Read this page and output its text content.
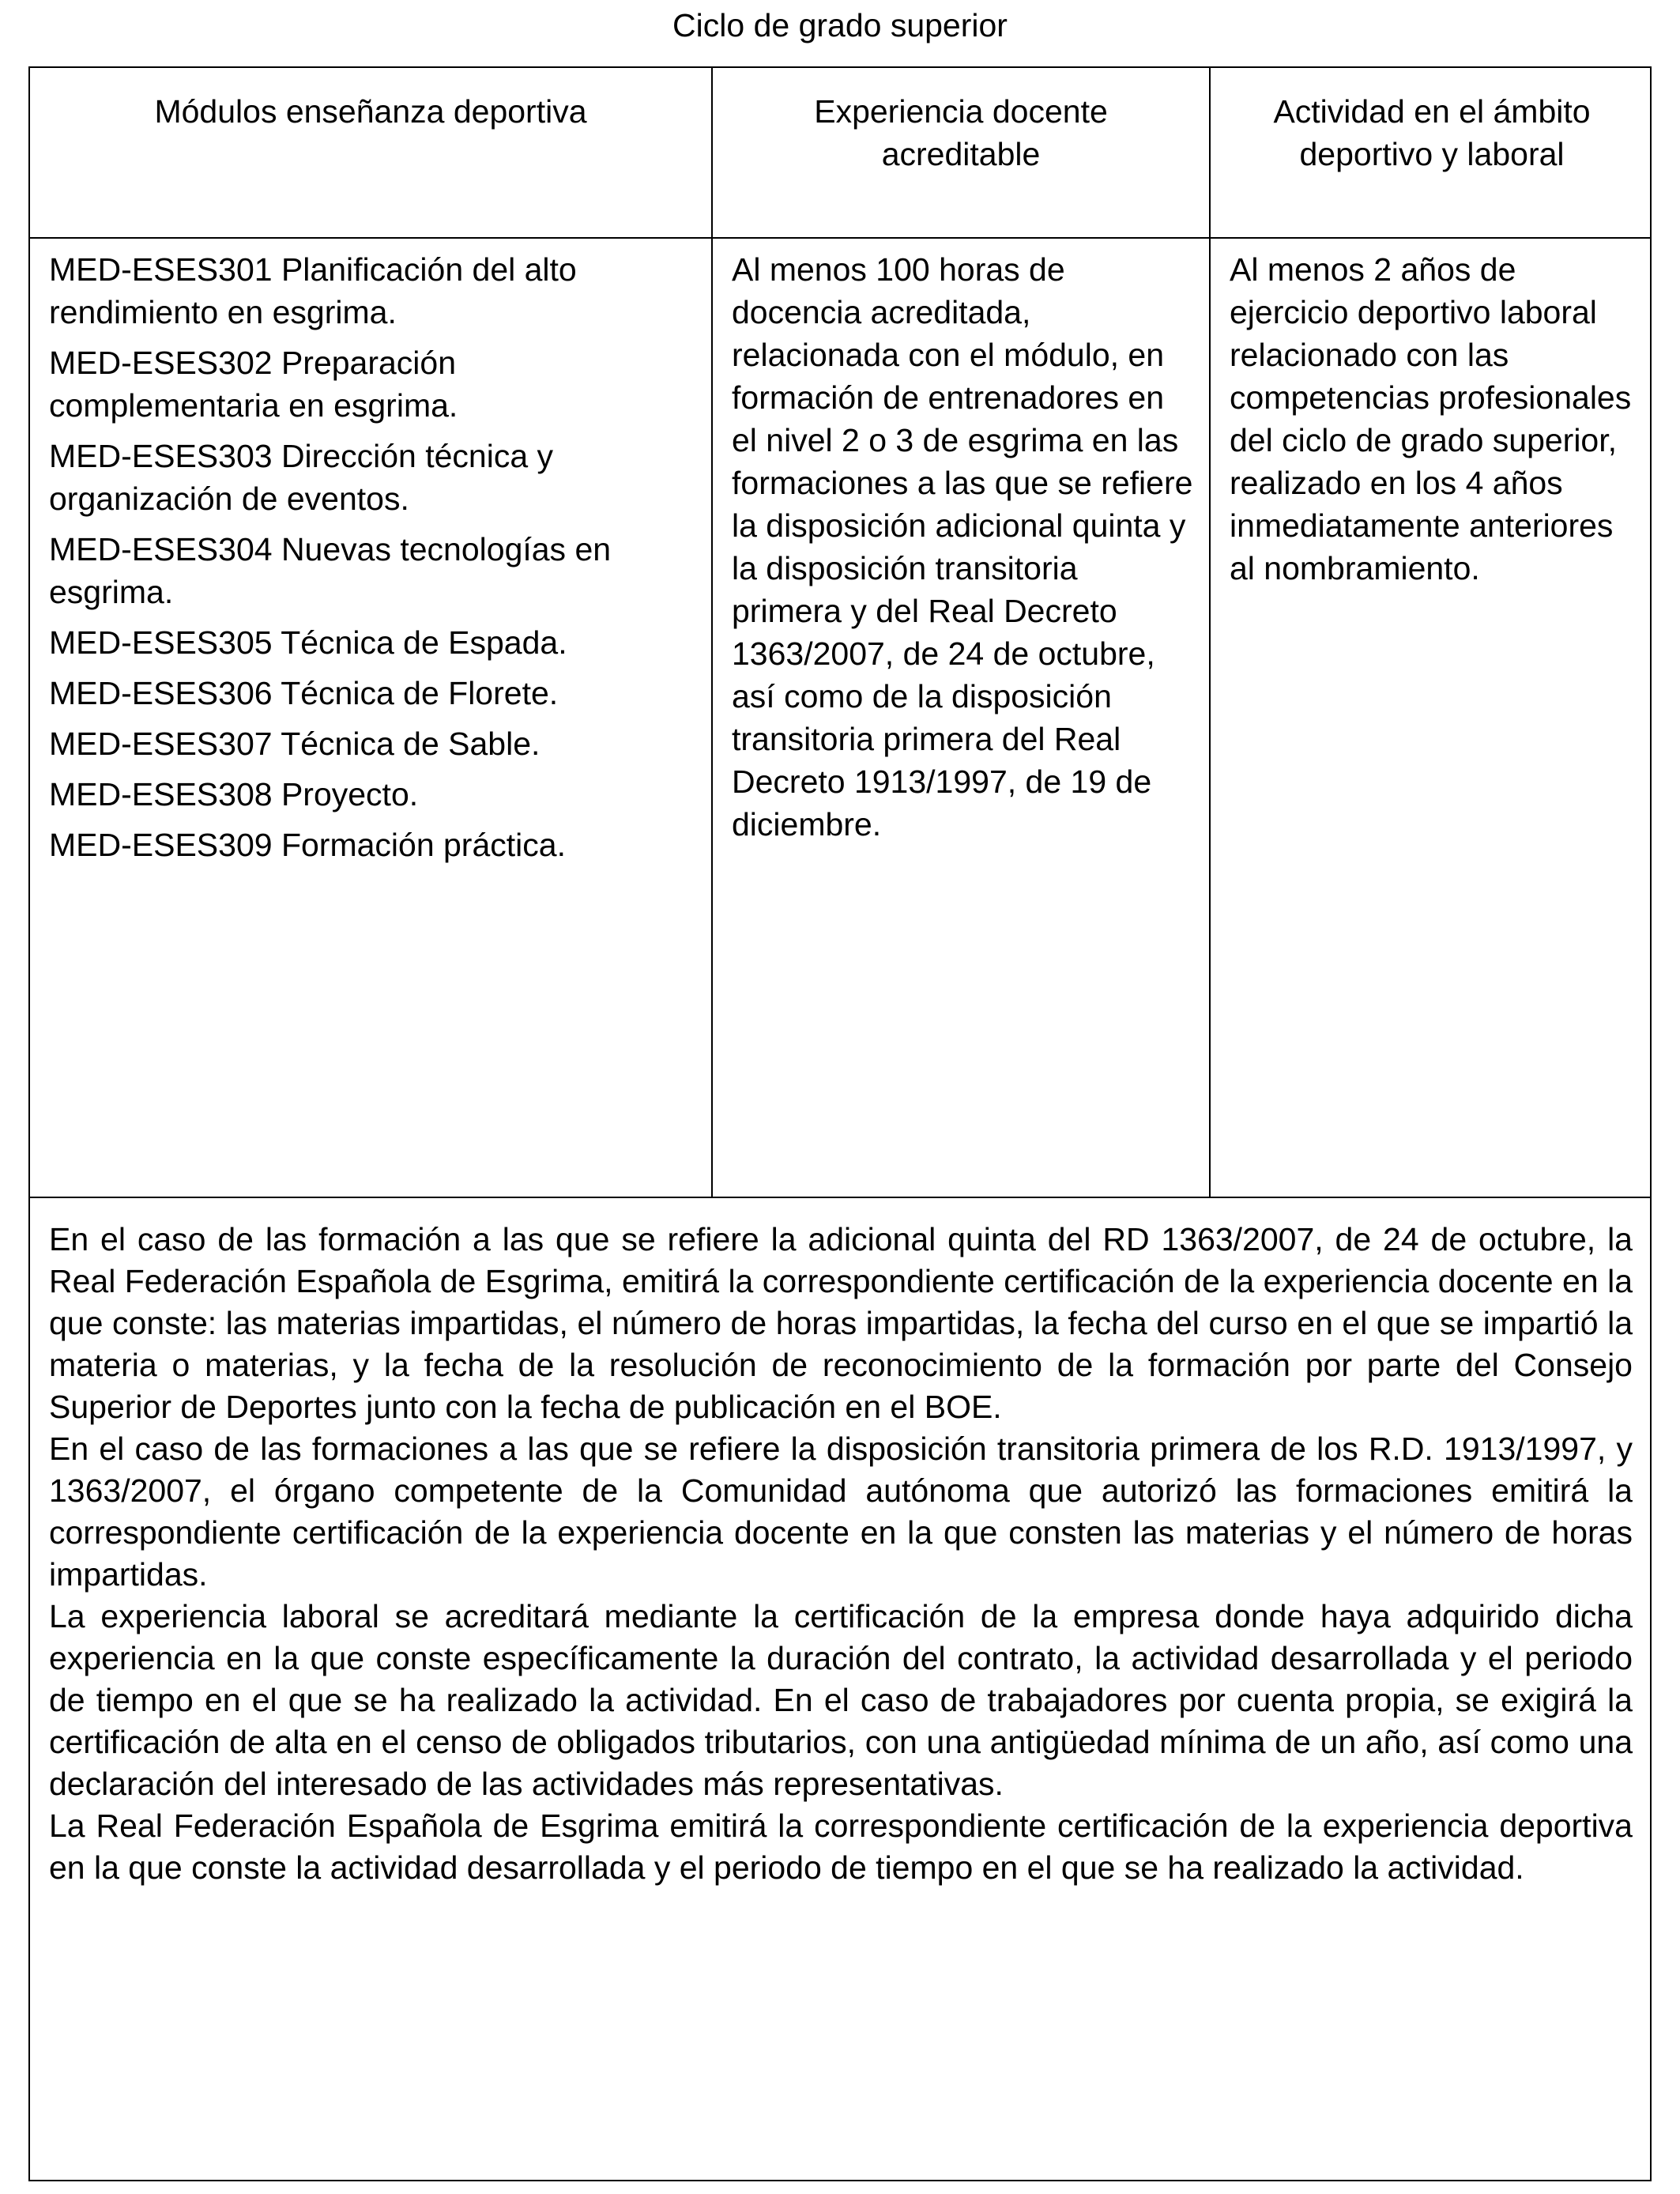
Ciclo de grado superior
Módulos enseñanza deportiva	Experiencia docente acreditable
Actividad en el ámbito deportivo y laboral
MED-ESES301 Planificación del alto rendimiento en esgrima.
MED-ESES302 Preparación complementaria en esgrima.
MED-ESES303 Dirección técnica y organización de eventos.
MED-ESES304 Nuevas tecnologías en esgrima.
MED-ESES305 Técnica de Espada.
MED-ESES306 Técnica de Florete.
MED-ESES307 Técnica de Sable.
MED-ESES308 Proyecto.
MED-ESES309 Formación práctica.
Al menos 100 horas de docencia acreditada, relacionada con el módulo, en formación de entrenadores en el nivel 2 o 3 de esgrima en las formaciones a las que se refiere la disposición adicional quinta y la disposición transitoria primera y del Real Decreto 1363/2007, de 24 de octubre, así como de la disposición transitoria primera del Real Decreto 1913/1997, de 19 de diciembre.
Al menos 2 años de ejercicio deportivo laboral relacionado con las competencias profesionales del ciclo de grado superior, realizado en los 4 años inmediatamente anteriores al nombramiento.

En el caso de las formación a las que se refiere la adicional quinta del RD 1363/2007, de 24 de octubre, la Real Federación Española de Esgrima, emitirá la correspondiente certificación de la experiencia docente en la que conste: las materias impartidas, el número de horas impartidas, la fecha del curso en el que se impartió la materia o materias, y la fecha de la resolución de reconocimiento de la formación por parte del Consejo Superior de Deportes junto con la fecha de publicación en el BOE.

En el caso de las formaciones a las que se refiere la disposición transitoria primera de los R.D. 1913/1997, y 1363/2007, el órgano competente de la Comunidad autónoma que autorizó las formaciones emitirá la correspondiente certificación de la experiencia docente en la que consten las materias y el número de horas impartidas.

La experiencia laboral se acreditará mediante la certificación de la empresa donde haya adquirido dicha experiencia en la que conste específicamente la duración del contrato, la actividad desarrollada y el periodo de tiempo en el que se ha realizado la actividad. En el caso de trabajadores por cuenta propia, se exigirá la certificación de alta en el censo de obligados tributarios, con una antigüedad mínima de un año, así como una declaración del interesado de las actividades más representativas.

La Real Federación Española de Esgrima emitirá la correspondiente certificación de la experiencia deportiva en la que conste la actividad desarrollada y el periodo de tiempo en el que se ha realizado la actividad.
